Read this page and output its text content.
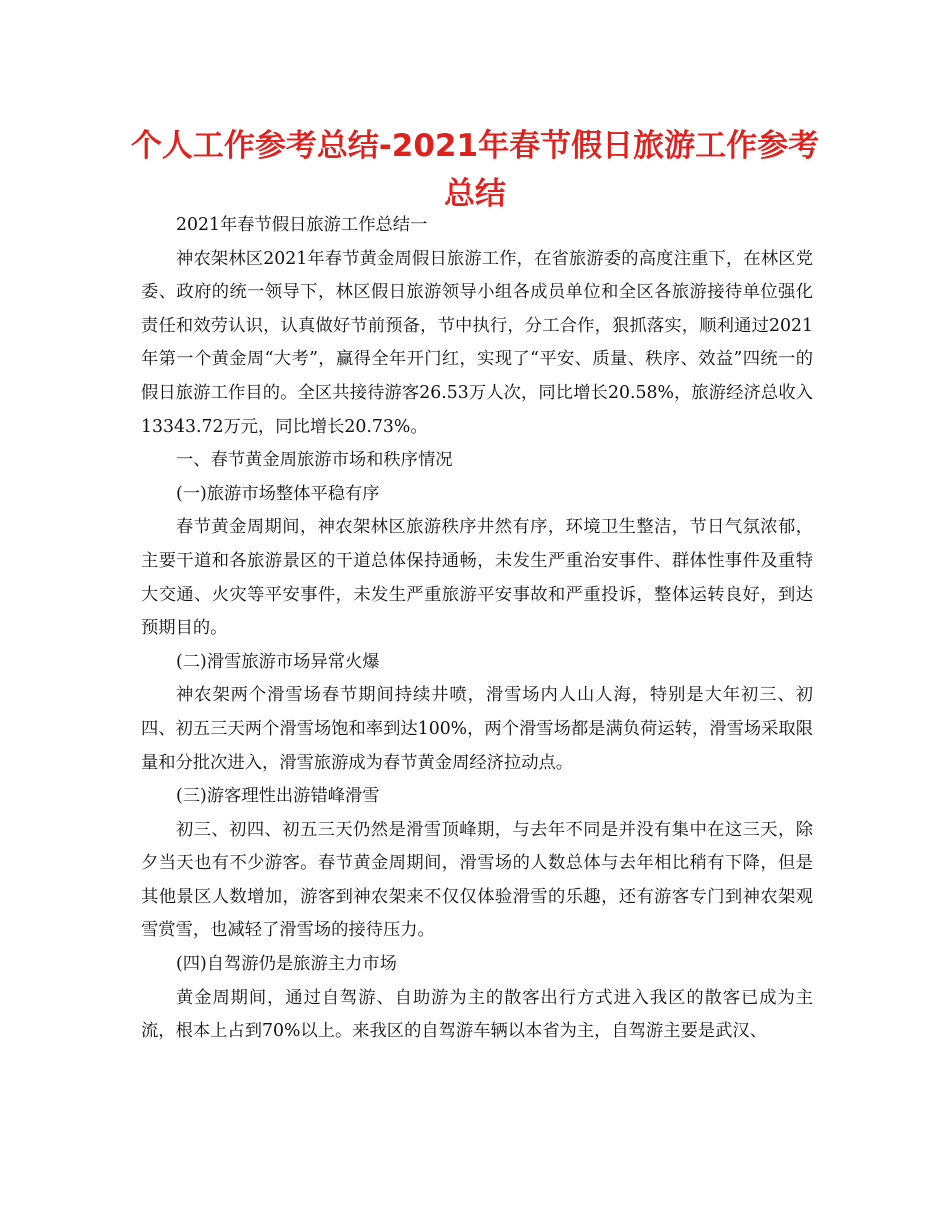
个人工作参考总结-2021年春节假日旅游工作参考总结

2021年春节假日旅游工作总结一

神农架林区2021年春节黄金周假日旅游工作，在省旅游委的高度注重下，在林区党委、政府的统一领导下，林区假日旅游领导小组各成员单位和全区各旅游接待单位强化责任和效劳认识，认真做好节前预备，节中执行，分工合作，狠抓落实，顺利通过2021年第一个黄金周“大考”，赢得全年开门红，实现了“平安、质量、秩序、效益”四统一的假日旅游工作目的。全区共接待游客26.53万人次，同比增长20.58%，旅游经济总收入13343.72万元，同比增长20.73%。

一、春节黄金周旅游市场和秩序情况

(一)旅游市场整体平稳有序

春节黄金周期间，神农架林区旅游秩序井然有序，环境卫生整洁，节日气氛浓郁，主要干道和各旅游景区的干道总体保持通畅，未发生严重治安事件、群体性事件及重特大交通、火灾等平安事件，未发生严重旅游平安事故和严重投诉，整体运转良好，到达预期目的。

(二)滑雪旅游市场异常火爆

神农架两个滑雪场春节期间持续井喷，滑雪场内人山人海，特别是大年初三、初四、初五三天两个滑雪场饱和率到达100%，两个滑雪场都是满负荷运转，滑雪场采取限量和分批次进入，滑雪旅游成为春节黄金周经济拉动点。

(三)游客理性出游错峰滑雪

初三、初四、初五三天仍然是滑雪顶峰期，与去年不同是并没有集中在这三天，除夕当天也有不少游客。春节黄金周期间，滑雪场的人数总体与去年相比稍有下降，但是其他景区人数增加，游客到神农架来不仅仅体验滑雪的乐趣，还有游客专门到神农架观雪赏雪，也减轻了滑雪场的接待压力。

(四)自驾游仍是旅游主力市场

黄金周期间，通过自驾游、自助游为主的散客出行方式进入我区的散客已成为主流，根本上占到70%以上。来我区的自驾游车辆以本省为主，自驾游主要是武汉、
